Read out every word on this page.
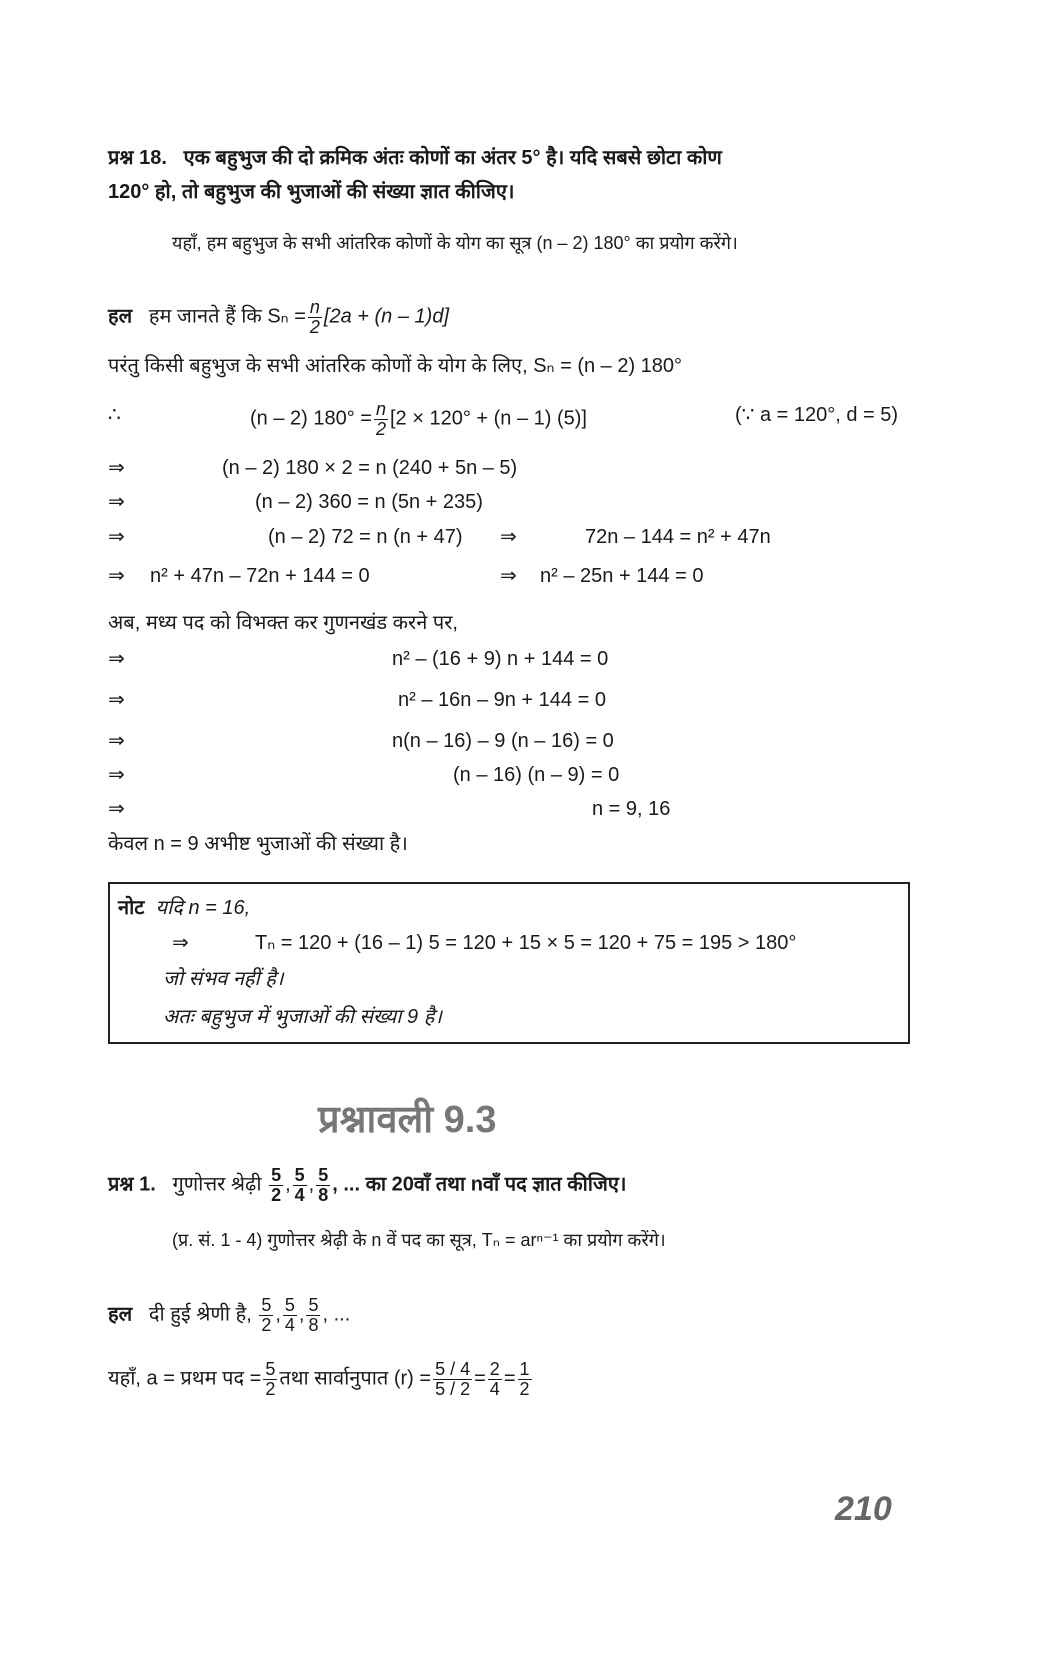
प्रश्न 18. एक बहुभुज की दो क्रमिक अंतः कोणों का अंतर 5° है। यदि सबसे छोटा कोण
120° हो, तो बहुभुज की भुजाओं की संख्या ज्ञात कीजिए।
यहाँ, हम बहुभुज के सभी आंतरिक कोणों के योग का सूत्र (n – 2) 180° का प्रयोग करेंगे।
हल हम जानते हैं कि $S_n = \frac{n}{2} [2a + (n - 1)d]$
परंतु किसी बहुभुज के सभी आंतरिक कोणों के योग के लिए, Sₙ = (n – 2) 180°
∴	(n – 2) $180^\circ = \frac{n}{2} [2 \times 120^\circ + (n - 1)$ (5)]	(∵ a = 120°, d = 5)
⇒	(n – 2) 180 × 2 = n (240 + 5n – 5)
⇒	(n – 2) 360 = n (5n + 235)
⇒	(n – 2) 72 = n (n + 47) ⇒	72n – 144 = n² + 47n
⇒ n² + 47n – 72n + 144 = 0	⇒ n² – 25n + 144 = 0
अब, मध्य पद को विभक्त कर गुणनखंड करने पर,
⇒	n² – (16 + 9) n + 144 = 0
⇒	n² – 16n – 9n + 144 = 0
⇒	n(n – 16) – 9 (n – 16) = 0
⇒	(n – 16) (n – 9) = 0
⇒	n = 9, 16
केवल n = 9 अभीष्ट भुजाओं की संख्या है।
नोट यदि n = 16,
⇒	Tₙ = 120 + (16 – 1) 5 = 120 + 15 × 5 = 120 + 75 = 195 > 180°
जो संभव नहीं है।
अतः बहुभुज में भुजाओं की संख्या 9 है।
प्रश्नावली 9.3
प्रश्न 1. गुणोत्तर श्रेढ़ी $\frac{5}{2}$ , $\frac{5}{4}$ , $\frac{5}{8}$ , ... का 20वाँ तथा nवाँ पद ज्ञात कीजिए।
(प्र. सं. 1 - 4) गुणोत्तर श्रेढ़ी के n वें पद का सूत्र, Tₙ = arⁿ⁻¹ का प्रयोग करेंगे।
हल दी हुई श्रेणी है, $\frac{5}{2}$ , $\frac{5}{4}$ , $\frac{5}{8}$ , ...
यहाँ, a = प्रथम पद = $\frac{5}{2}$ तथा सार्वानुपात $(r) = \frac{5 / 4}{5 / 2} = \frac{2}{4} = \frac{1}{2}$
210
